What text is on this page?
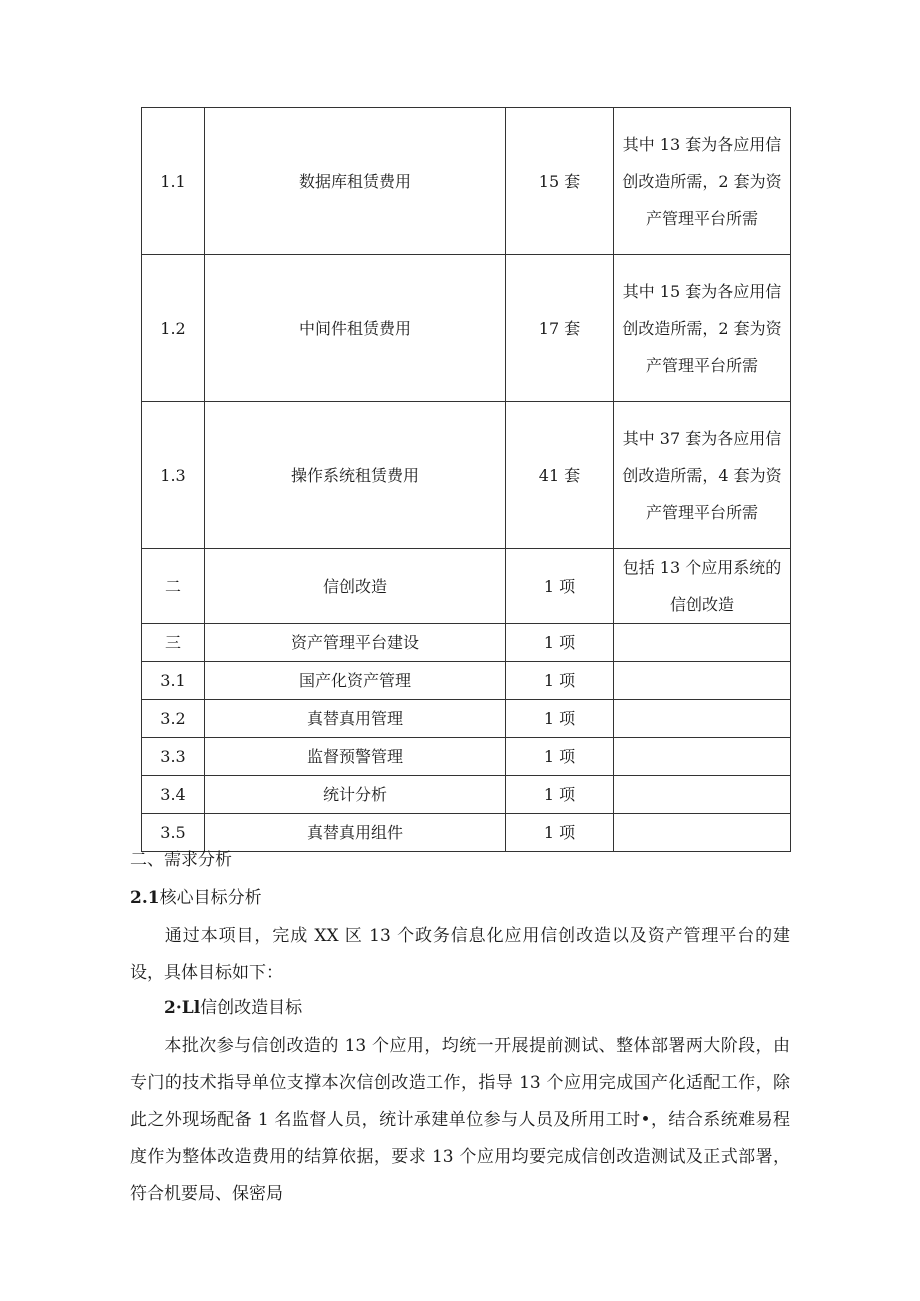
1.1	数据库租赁费用	15 套	其中 13 套为各应用信
创改造所需，2 套为资
产管理平台所需

1.2	中间件租赁费用	17 套	其中 15 套为各应用信
创改造所需，2 套为资
产管理平台所需

1.3	操作系统租赁费用	41 套	其中 37 套为各应用信
创改造所需，4 套为资
产管理平台所需

二	信创改造	1 项	包括 13 个应用系统的
信创改造

三	资产管理平台建设	1 项	
3.1	国产化资产管理	1 项	
3.2	真替真用管理	1 项	
3.3	监督预警管理	1 项	
3.4	统计分析	1 项	
3.5	真替真用组件	1 项	
二、需求分析
2.1核心目标分析
通过本项目，完成 XX 区 13 个政务信息化应用信创改造以及资产管理平台的建设，具体目标如下：
2·Ll信创改造目标
本批次参与信创改造的 13 个应用，均统一开展提前测试、整体部署两大阶段，由专门的技术指导单位支撑本次信创改造工作，指导 13 个应用完成国产化适配工作，除此之外现场配备 1 名监督人员，统计承建单位参与人员及所用工时•，结合系统难易程度作为整体改造费用的结算依据，要求 13 个应用均要完成信创改造测试及正式部署，符合机要局、保密局
